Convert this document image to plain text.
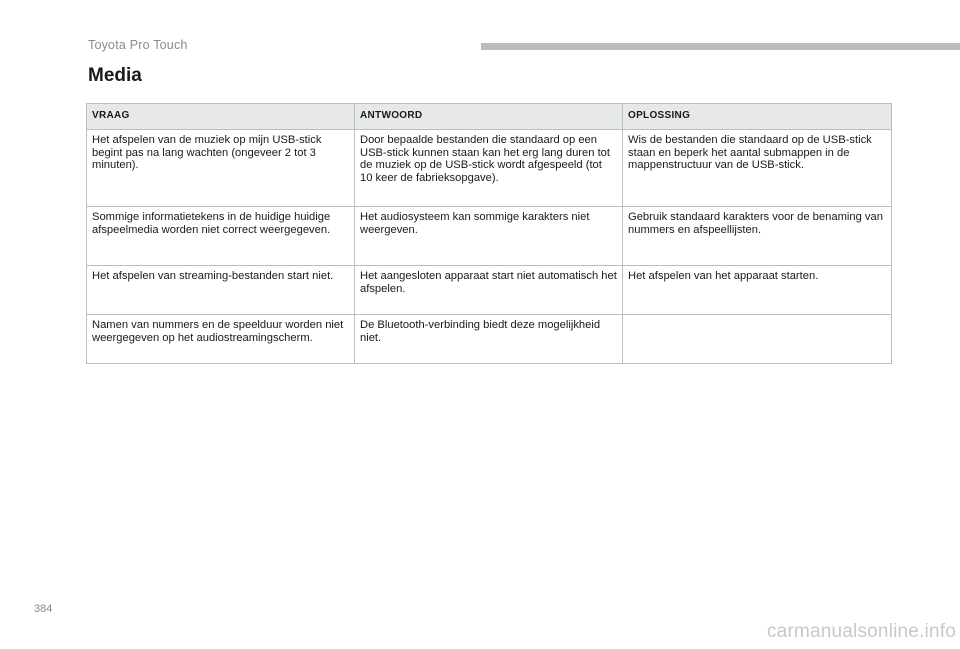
Toyota Pro Touch
Media
VRAAG	ANTWOORD	OPLOSSING
Het afspelen van de muziek op mijn USB-stick begint pas na lang wachten (ongeveer 2 tot 3 minuten).	Door bepaalde bestanden die standaard op een USB-stick kunnen staan kan het erg lang duren tot de muziek op de USB-stick wordt afgespeeld (tot 10 keer de fabrieksopgave).	Wis de bestanden die standaard op de USB-stick staan en beperk het aantal submappen in de mappenstructuur van de USB-stick.
Sommige informatietekens in de huidige huidige afspeelmedia worden niet correct weergegeven.	Het audiosysteem kan sommige karakters niet weergeven.	Gebruik standaard karakters voor de benaming van nummers en afspeellijsten.
Het afspelen van streaming-bestanden start niet.	Het aangesloten apparaat start niet automatisch het afspelen.	Het afspelen van het apparaat starten.
Namen van nummers en de speelduur worden niet weergegeven op het audiostreamingscherm.	De Bluetooth-verbinding biedt deze mogelijkheid niet.	
384
carmanualsonline.info
